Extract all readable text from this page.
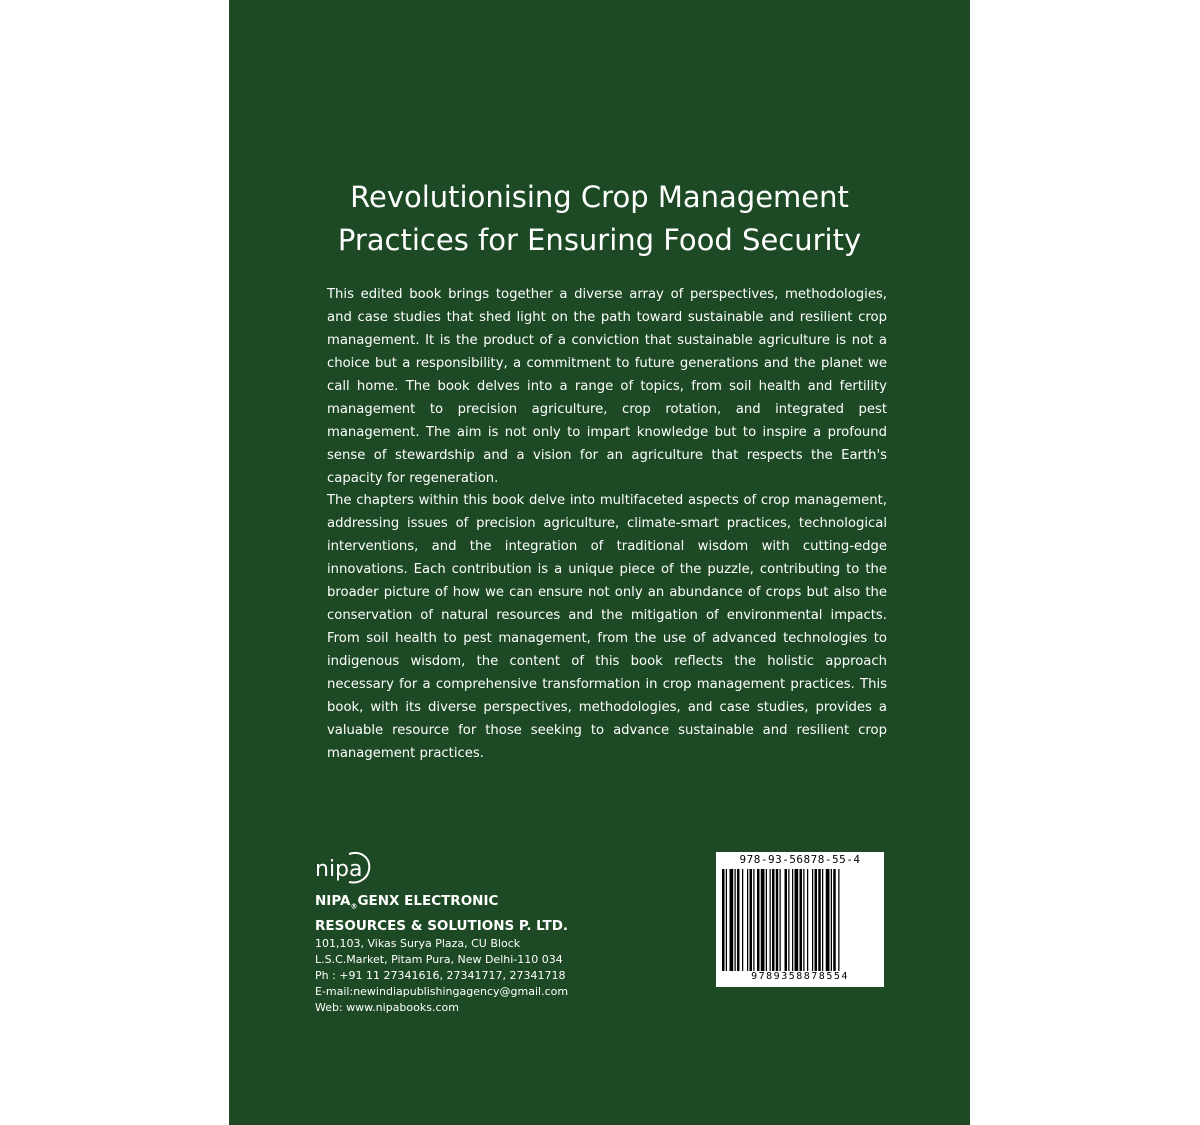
Revolutionising Crop Management
Practices for Ensuring Food Security

This edited book brings together a diverse array of perspectives, methodologies, and case studies that shed light on the path toward sustainable and resilient crop management. It is the product of a conviction that sustainable agriculture is not a choice but a responsibility, a commitment to future generations and the planet we call home. The book delves into a range of topics, from soil health and fertility management to precision agriculture, crop rotation, and integrated pest management. The aim is not only to impart knowledge but to inspire a profound sense of stewardship and a vision for an agriculture that respects the Earth's capacity for regeneration.

The chapters within this book delve into multifaceted aspects of crop management, addressing issues of precision agriculture, climate-smart practices, technological interventions, and the integration of traditional wisdom with cutting-edge innovations. Each contribution is a unique piece of the puzzle, contributing to the broader picture of how we can ensure not only an abundance of crops but also the conservation of natural resources and the mitigation of environmental impacts. From soil health to pest management, from the use of advanced technologies to indigenous wisdom, the content of this book reflects the holistic approach necessary for a comprehensive transformation in crop management practices. This book, with its diverse perspectives, methodologies, and case studies, provides a valuable resource for those seeking to advance sustainable and resilient crop management practices.

nipa
$NIPA_®GENX$ ELECTRONIC
RESOURCES & SOLUTIONS P. LTD.
101,103, Vikas Surya Plaza, CU Block
L.S.C.Market, Pitam Pura, New Delhi-110 034
Ph : +91 11 27341616, 27341717, 27341718
E-mail:newindiapublishingagency@gmail.com
Web: www.nipabooks.com
978-93-56878-55-4
9789358878554
